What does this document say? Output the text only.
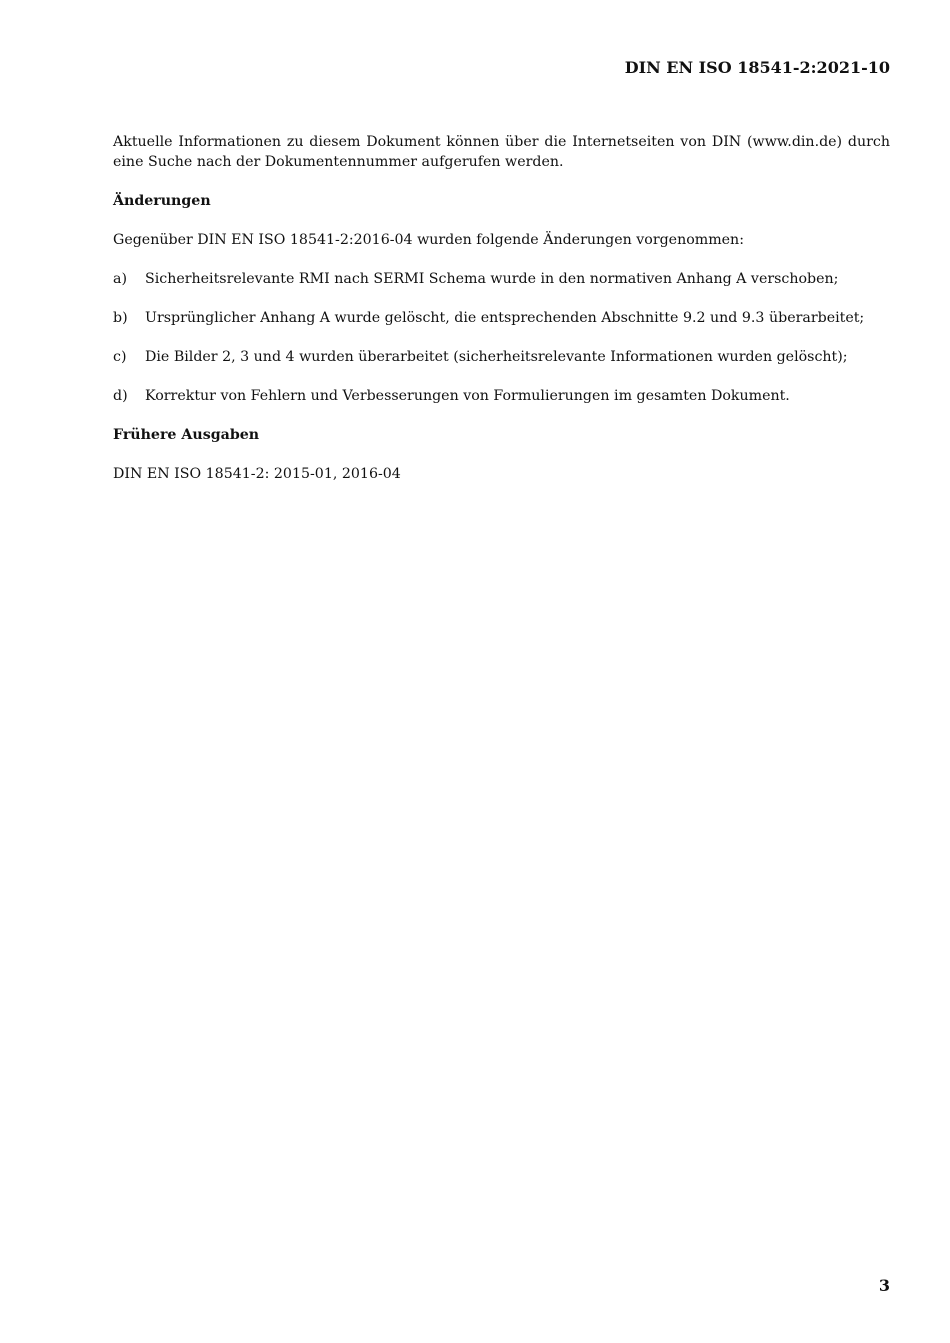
DIN EN ISO 18541-2:2021-10

Aktuelle Informationen zu diesem Dokument können über die Internetseiten von DIN (www.din.de) durch eine Suche nach der Dokumentennummer aufgerufen werden.

Änderungen

Gegenüber DIN EN ISO 18541-2:2016-04 wurden folgende Änderungen vorgenommen:

a)	Sicherheitsrelevante RMI nach SERMI Schema wurde in den normativen Anhang A verschoben;
b)	Ursprünglicher Anhang A wurde gelöscht, die entsprechenden Abschnitte 9.2 und 9.3 überarbeitet;
c)	Die Bilder 2, 3 und 4 wurden überarbeitet (sicherheitsrelevante Informationen wurden gelöscht);
d)	Korrektur von Fehlern und Verbesserungen von Formulierungen im gesamten Dokument.
Frühere Ausgaben

DIN EN ISO 18541-2: 2015-01, 2016-04

3
